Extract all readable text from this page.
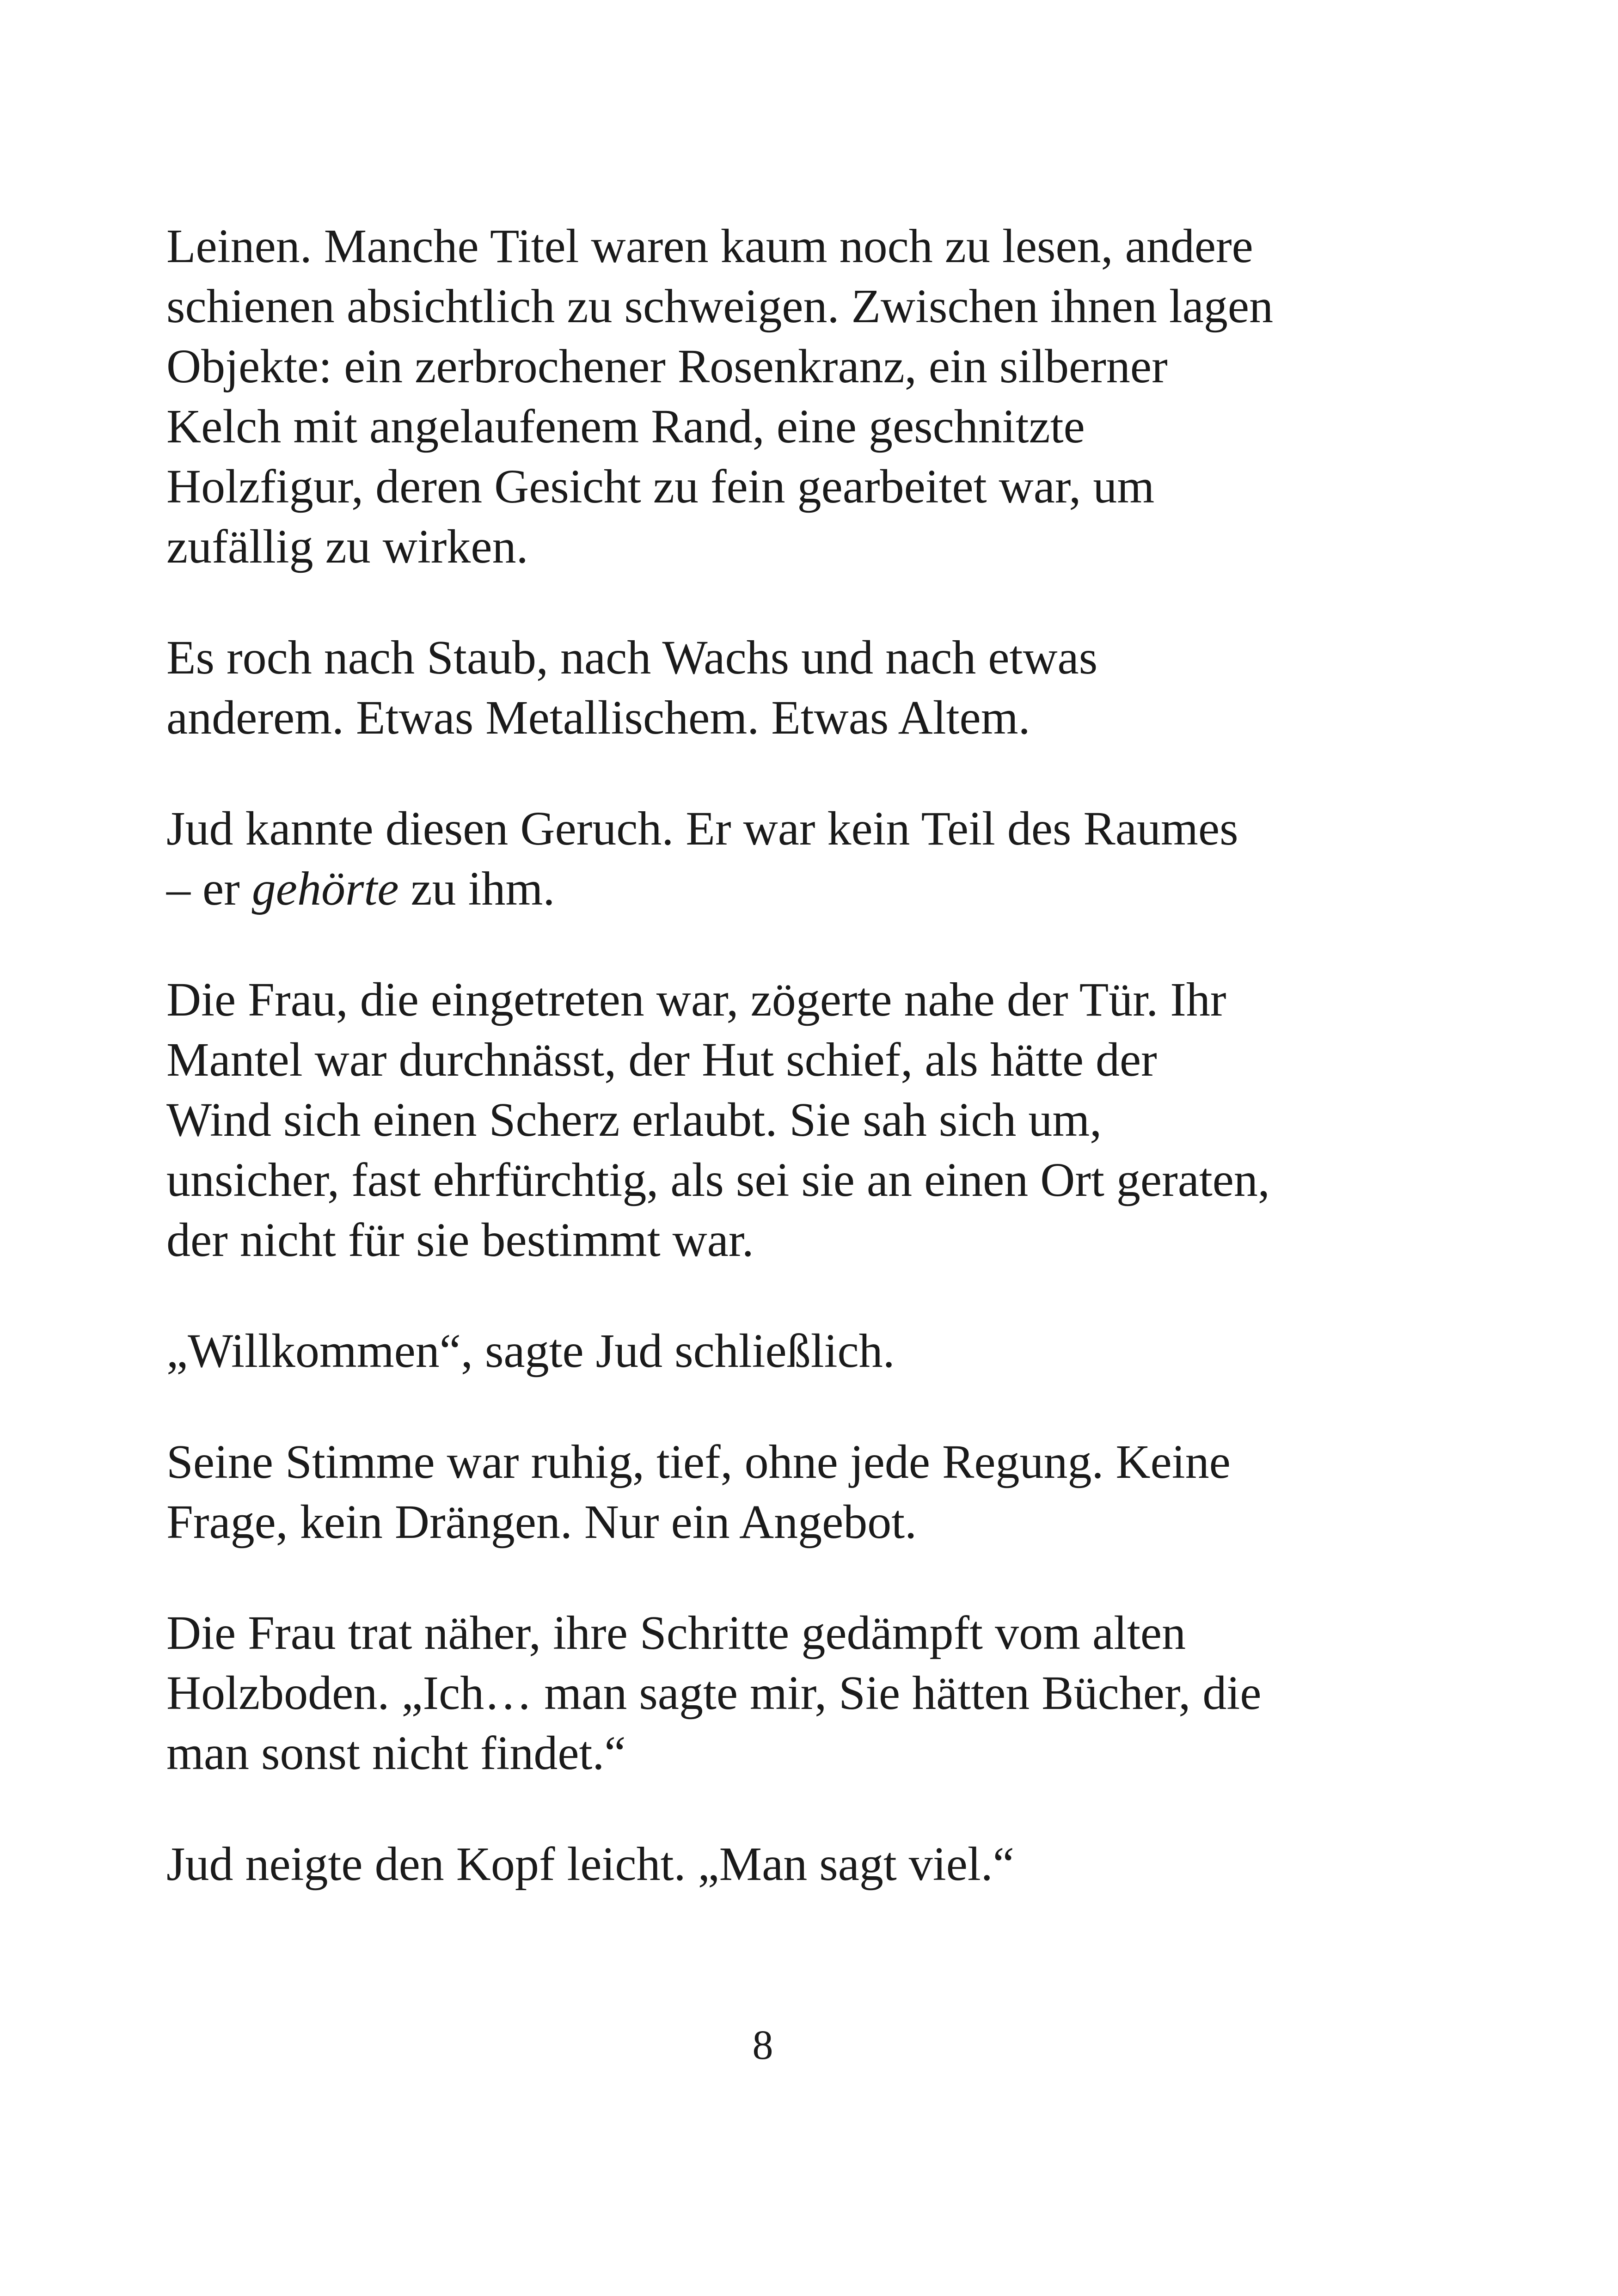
Leinen. Manche Titel waren kaum noch zu lesen, andere
schienen absichtlich zu schweigen. Zwischen ihnen lagen
Objekte: ein zerbrochener Rosenkranz, ein silberner
Kelch mit angelaufenem Rand, eine geschnitzte
Holzfigur, deren Gesicht zu fein gearbeitet war, um
zufällig zu wirken.

Es roch nach Staub, nach Wachs und nach etwas
anderem. Etwas Metallischem. Etwas Altem.

Jud kannte diesen Geruch. Er war kein Teil des Raumes
– er gehörte zu ihm.

Die Frau, die eingetreten war, zögerte nahe der Tür. Ihr
Mantel war durchnässt, der Hut schief, als hätte der
Wind sich einen Scherz erlaubt. Sie sah sich um,
unsicher, fast ehrfürchtig, als sei sie an einen Ort geraten,
der nicht für sie bestimmt war.

„Willkommen“, sagte Jud schließlich.

Seine Stimme war ruhig, tief, ohne jede Regung. Keine
Frage, kein Drängen. Nur ein Angebot.

Die Frau trat näher, ihre Schritte gedämpft vom alten
Holzboden. „Ich… man sagte mir, Sie hätten Bücher, die
man sonst nicht findet.“

Jud neigte den Kopf leicht. „Man sagt viel.“

8
